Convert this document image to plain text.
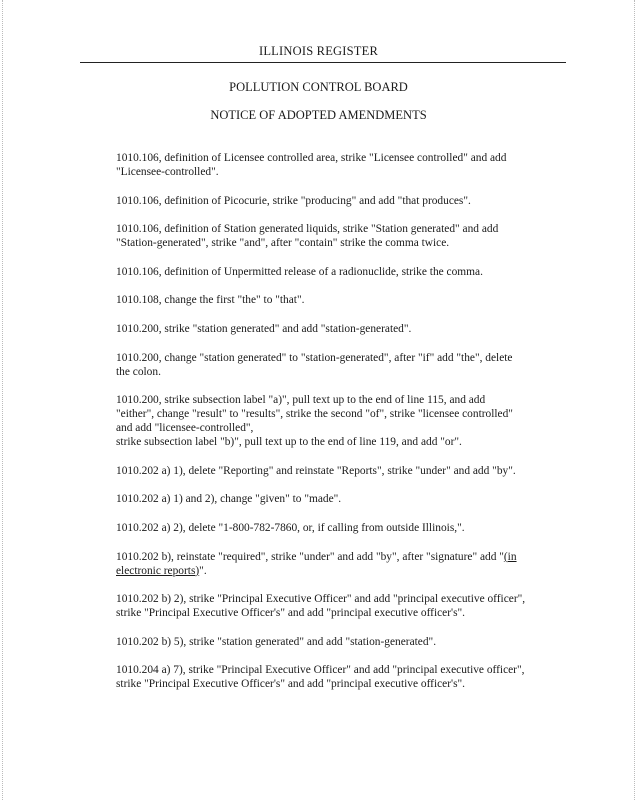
ILLINOIS REGISTER
POLLUTION CONTROL BOARD
NOTICE OF ADOPTED AMENDMENTS
1010.106, definition of Licensee controlled area, strike "Licensee controlled" and add
"Licensee-controlled".
1010.106, definition of Picocurie, strike "producing" and add "that produces".
1010.106, definition of Station generated liquids, strike "Station generated" and add
"Station-generated", strike "and", after "contain" strike the comma twice.
1010.106, definition of Unpermitted release of a radionuclide, strike the comma.
1010.108, change the first "the" to "that".
1010.200, strike "station generated" and add "station-generated".
1010.200, change "station generated" to "station-generated", after "if" add "the", delete
the colon.
1010.200, strike subsection label "a)", pull text up to the end of line 115, and add
"either", change "result" to "results", strike the second "of", strike "licensee controlled"
and add "licensee-controlled",
strike subsection label "b)", pull text up to the end of line 119, and add "or".
1010.202 a) 1), delete "Reporting" and reinstate "Reports", strike "under" and add "by".
1010.202 a) 1) and 2), change "given" to "made".
1010.202 a) 2), delete "1-800-782-7860, or, if calling from outside Illinois,".
1010.202 b), reinstate "required", strike "under" and add "by", after "signature" add "(in
electronic reports)".
1010.202 b) 2), strike "Principal Executive Officer" and add "principal executive officer",
strike "Principal Executive Officer's" and add "principal executive officer's".
1010.202 b) 5), strike "station generated" and add "station-generated".
1010.204 a) 7), strike "Principal Executive Officer" and add "principal executive officer",
strike "Principal Executive Officer's" and add "principal executive officer's".
